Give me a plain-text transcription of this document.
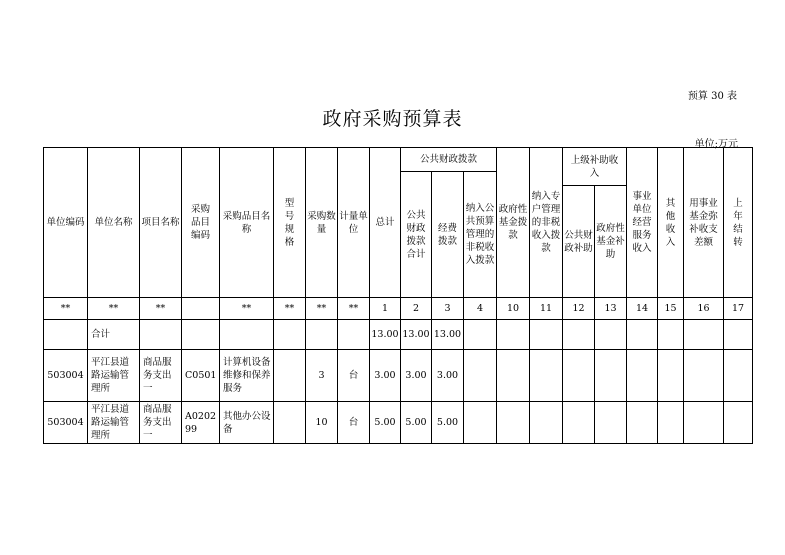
预算 30 表
政府采购预算表
单位;万元
单位编码	单位名称	项目名称	采购品目编码	采购品目名称	型号规格	采购数量	计量单位	总计	公共财政拨款			政府性基金拨款	纳入专户管理的非税收入拨款	上级补助收入		事业单位经营服务收入	其他收入	用事业基金弥补收支差额	上年结转
									公共财政拨款合计	经费拨款	纳入公共预算管理的非税收入拨款								
														公共财政补助	政府性基金补助				
**	**	**		**	**	**	**	1	2	3	4	10	11	12	13	14	15	16	17
	合计							13.00	13.00	13.00									
503004	平江县道路运输管理所	商品服务支出一	C0501	计算机设备维修和保养服务		3	台	3.00	3.00	3.00									
503004	平江县道路运输管理所	商品服务支出一	A020299	其他办公设备		10	台	5.00	5.00	5.00									
